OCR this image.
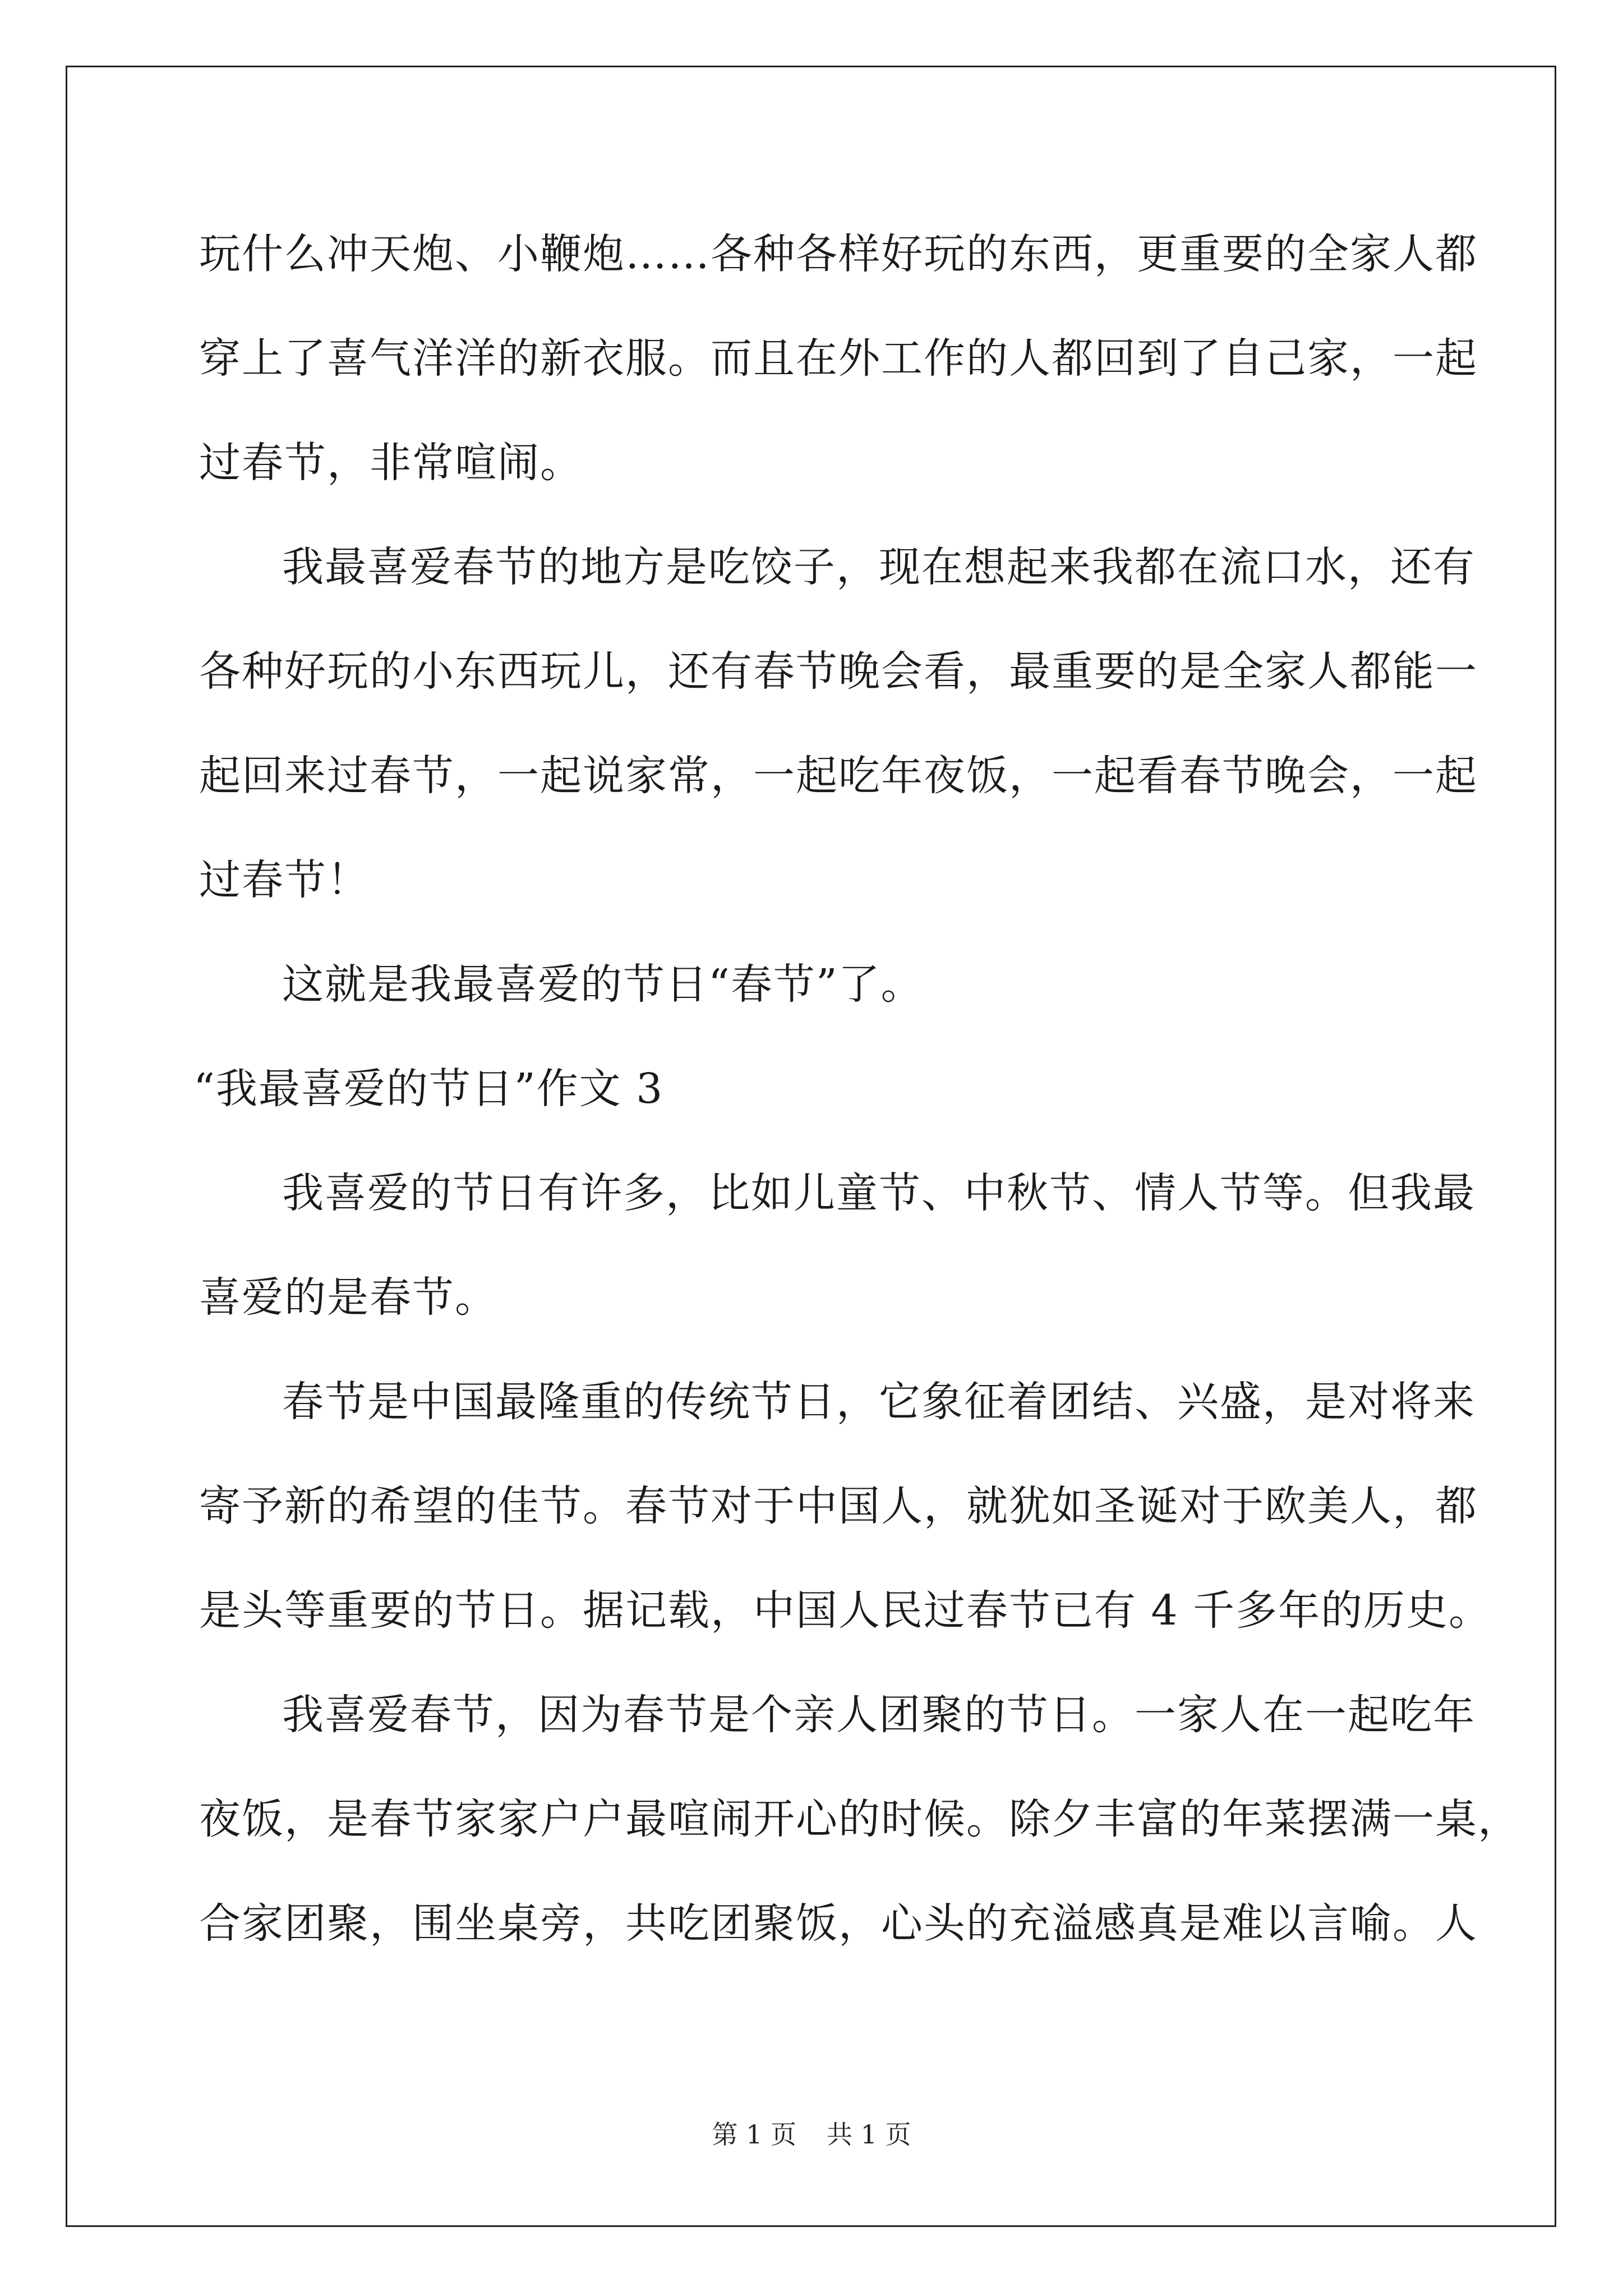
玩什么冲天炮、小鞭炮……各种各样好玩的东西，更重要的全家人都
穿上了喜气洋洋的新衣服。而且在外工作的人都回到了自己家，一起
过春节，非常喧闹。
我最喜爱春节的地方是吃饺子，现在想起来我都在流口水，还有
各种好玩的小东西玩儿，还有春节晚会看，最重要的是全家人都能一
起回来过春节，一起说家常，一起吃年夜饭，一起看春节晚会，一起
过春节！
这就是我最喜爱的节日“春节”了。
“我最喜爱的节日”作文 3
我喜爱的节日有许多，比如儿童节、中秋节、情人节等。但我最
喜爱的是春节。
春节是中国最隆重的传统节日，它象征着团结、兴盛，是对将来
寄予新的希望的佳节。春节对于中国人，就犹如圣诞对于欧美人，都
是头等重要的节日。据记载，中国人民过春节已有 4 千多年的历史。
我喜爱春节，因为春节是个亲人团聚的节日。一家人在一起吃年
夜饭，是春节家家户户最喧闹开心的时候。除夕丰富的年菜摆满一桌，
合家团聚，围坐桌旁，共吃团聚饭，心头的充溢感真是难以言喻。人
第 1 页 共 1 页
